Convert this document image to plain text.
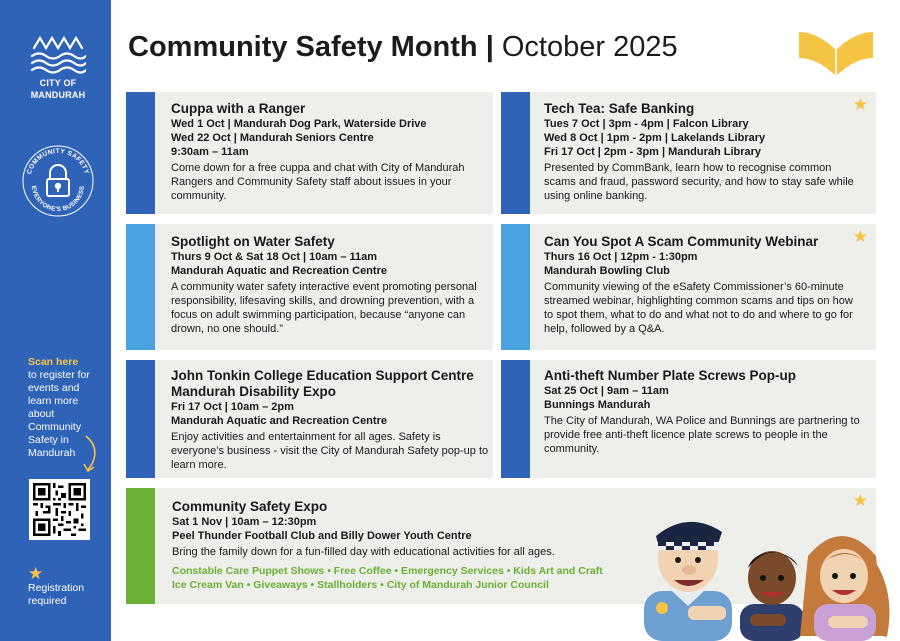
CITY OF
MANDURAH
COMMUNITY SAFETY
EVERYONE'S BUSINESS
Scan here
to register for events and learn more about Community Safety in Mandurah
★
Registration required
Community Safety Month | October 2025
Cuppa with a Ranger
Wed 1 Oct | Mandurah Dog Park, Waterside Drive
Wed 22 Oct | Mandurah Seniors Centre
9:30am – 11am
Come down for a free cuppa and chat with City of Mandurah Rangers and Community Safety staff about issues in your community.
★
Tech Tea: Safe Banking
Tues 7 Oct | 3pm - 4pm | Falcon Library
Wed 8 Oct | 1pm - 2pm | Lakelands Library
Fri 17 Oct | 2pm - 3pm | Mandurah Library
Presented by CommBank, learn how to recognise common scams and fraud, password security, and how to stay safe while using online banking.
Spotlight on Water Safety
Thurs 9 Oct & Sat 18 Oct | 10am – 11am
Mandurah Aquatic and Recreation Centre
A community water safety interactive event promoting personal responsibility, lifesaving skills, and drowning prevention, with a focus on adult swimming participation, because “anyone can drown, no one should.”
★
Can You Spot A Scam Community Webinar
Thurs 16 Oct | 12pm - 1:30pm
Mandurah Bowling Club
Community viewing of the eSafety Commissioner’s 60-minute streamed webinar, highlighting common scams and tips on how to spot them, what to do and what not to do and where to go for help, followed by a Q&A.
John Tonkin College Education Support Centre Mandurah Disability Expo
Fri 17 Oct | 10am – 2pm
Mandurah Aquatic and Recreation Centre
Enjoy activities and entertainment for all ages. Safety is everyone’s business - visit the City of Mandurah Safety pop-up to learn more.
Anti-theft Number Plate Screws Pop-up
Sat 25 Oct | 9am – 11am
Bunnings Mandurah
The City of Mandurah, WA Police and Bunnings are partnering to provide free anti-theft licence plate screws to people in the community.
★
Community Safety Expo
Sat 1 Nov | 10am – 12:30pm
Peel Thunder Football Club and Billy Dower Youth Centre
Bring the family down for a fun-filled day with educational activities for all ages.
Constable Care Puppet Shows • Free Coffee • Emergency Services • Kids Art and Craft
Ice Cream Van • Giveaways • Stallholders • City of Mandurah Junior Council
